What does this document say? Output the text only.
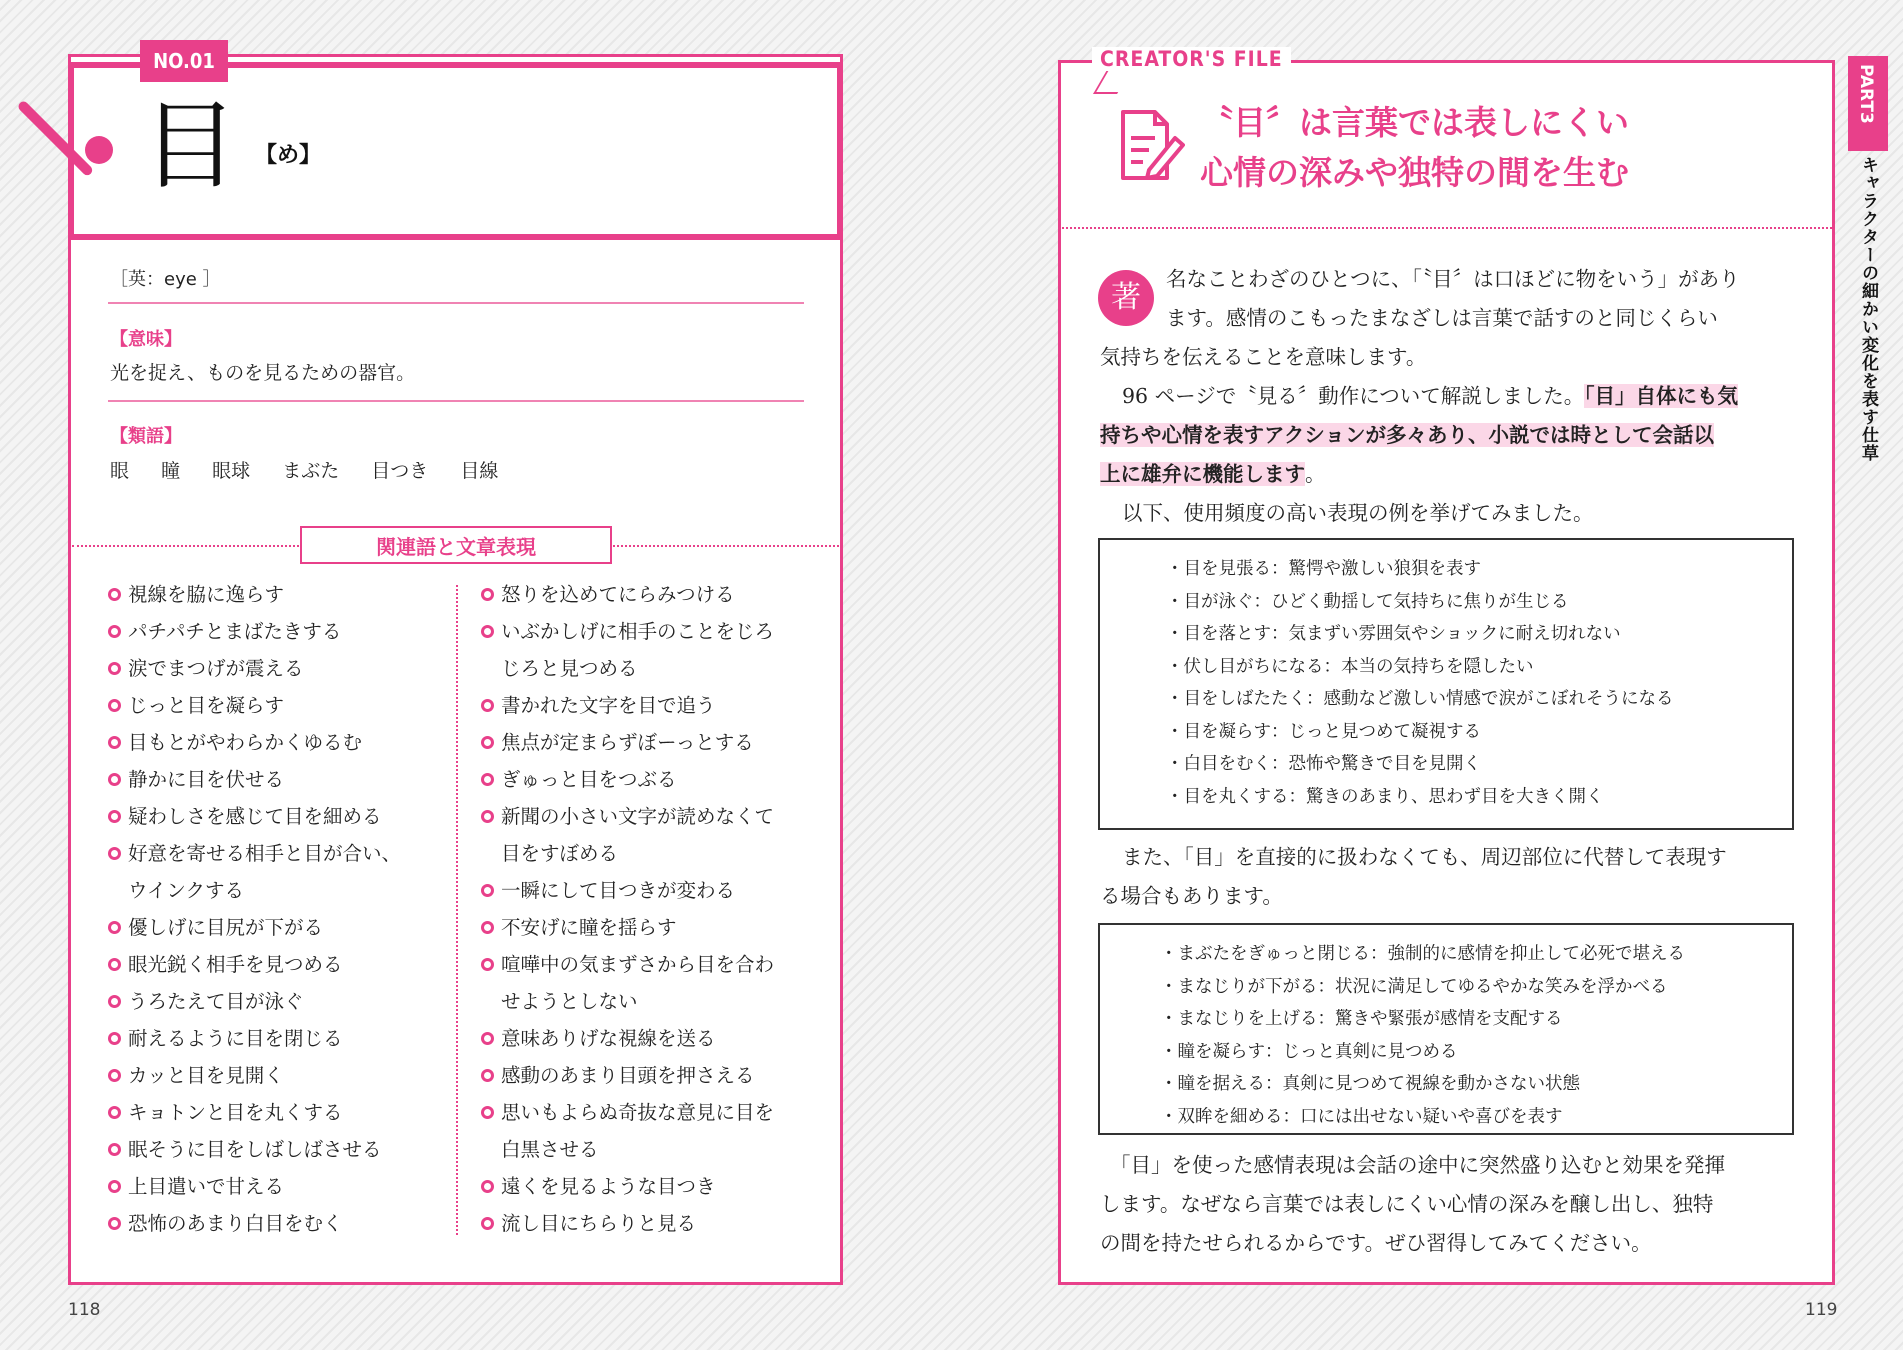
NO.01
目 【め】
［英：eye ］
【意味】
光を捉え、ものを見るための器官。
【類語】
眼 瞳 眼球 まぶた 目つき 目線
関連語と文章表現
視線を脇に逸らす
パチパチとまばたきする
涙でまつげが震える
じっと目を凝らす
目もとがやわらかくゆるむ
静かに目を伏せる
疑わしさを感じて目を細める
好意を寄せる相手と目が合い、
ウインクする
優しげに目尻が下がる
眼光鋭く相手を見つめる
うろたえて目が泳ぐ
耐えるように目を閉じる
カッと目を見開く
キョトンと目を丸くする
眠そうに目をしばしばさせる
上目遣いで甘える
恐怖のあまり白目をむく
怒りを込めてにらみつける
いぶかしげに相手のことをじろ
じろと見つめる
書かれた文字を目で追う
焦点が定まらずぼーっとする
ぎゅっと目をつぶる
新聞の小さい文字が読めなくて
目をすぼめる
一瞬にして目つきが変わる
不安げに瞳を揺らす
喧嘩中の気まずさから目を合わ
せようとしない
意味ありげな視線を送る
感動のあまり目頭を押さえる
思いもよらぬ奇抜な意見に目を
白黒させる
遠くを見るような目つき
流し目にちらりと見る
118
CREATOR'S FILE
〝目〞は言葉では表しにくい
心情の深みや独特の間を生む
著
名なことわざのひとつに、「〝目〞は口ほどに物をいう」があり
ます。感情のこもったまなざしは言葉で話すのと同じくらい
気持ちを伝えることを意味します。
96 ページで〝見る〞動作について解説しました。「目」自体にも気
持ちや心情を表すアクションが多々あり、小説では時として会話以
上に雄弁に機能します。
以下、使用頻度の高い表現の例を挙げてみました。
・目を見張る：驚愕や激しい狼狽を表す
・目が泳ぐ：ひどく動揺して気持ちに焦りが生じる
・目を落とす：気まずい雰囲気やショックに耐え切れない
・伏し目がちになる：本当の気持ちを隠したい
・目をしばたたく：感動など激しい情感で涙がこぼれそうになる
・目を凝らす：じっと見つめて凝視する
・白目をむく：恐怖や驚きで目を見開く
・目を丸くする：驚きのあまり、思わず目を大きく開く
また、「目」を直接的に扱わなくても、周辺部位に代替して表現す
る場合もあります。
・まぶたをぎゅっと閉じる：強制的に感情を抑止して必死で堪える
・まなじりが下がる：状況に満足してゆるやかな笑みを浮かべる
・まなじりを上げる：驚きや緊張が感情を支配する
・瞳を凝らす：じっと真剣に見つめる
・瞳を据える：真剣に見つめて視線を動かさない状態
・双眸を細める：口には出せない疑いや喜びを表す
「目」を使った感情表現は会話の途中に突然盛り込むと効果を発揮
します。なぜなら言葉では表しにくい心情の深みを醸し出し、独特
の間を持たせられるからです。ぜひ習得してみてください。
119
PART3
キャラクターの細かい変化を表す仕草
